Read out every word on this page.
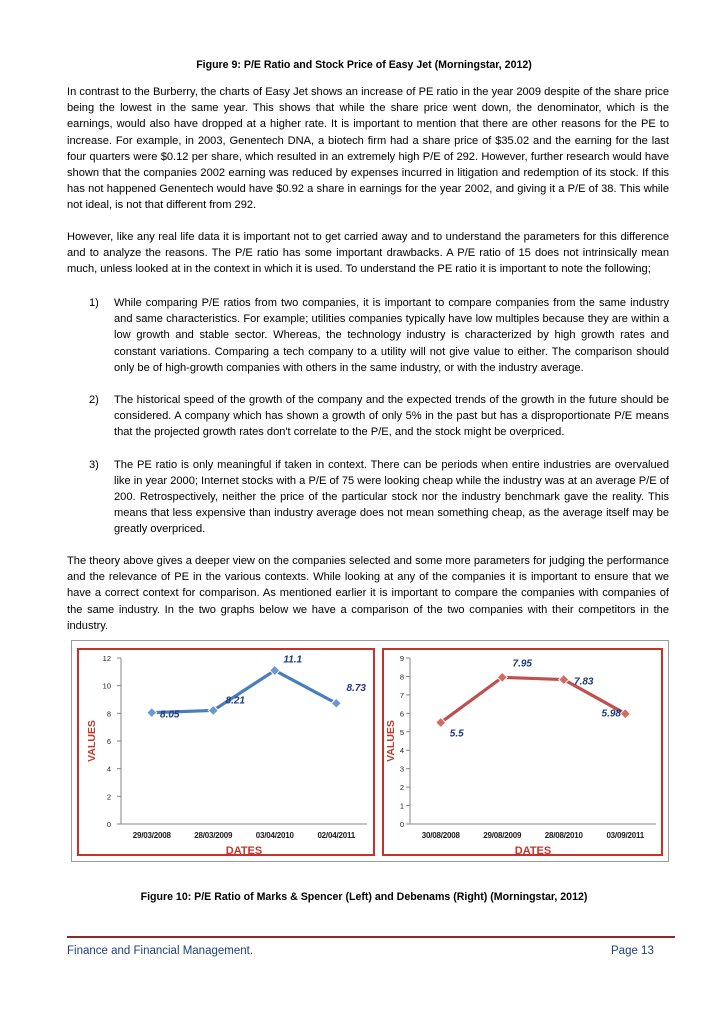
Figure 9: P/E Ratio and Stock Price of Easy Jet (Morningstar, 2012)

In contrast to the Burberry, the charts of Easy Jet shows an increase of PE ratio in the year 2009 despite of the share price being the lowest in the same year. This shows that while the share price went down, the denominator, which is the earnings, would also have dropped at a higher rate. It is important to mention that there are other reasons for the PE to increase. For example, in 2003, Genentech DNA, a biotech firm had a share price of $35.02 and the earning for the last four quarters were $0.12 per share, which resulted in an extremely high P/E of 292. However, further research would have shown that the companies 2002 earning was reduced by expenses incurred in litigation and redemption of its stock. If this has not happened Genentech would have $0.92 a share in earnings for the year 2002, and giving it a P/E of 38. This while not ideal, is not that different from 292.

However, like any real life data it is important not to get carried away and to understand the parameters for this difference and to analyze the reasons. The P/E ratio has some important drawbacks. A P/E ratio of 15 does not intrinsically mean much, unless looked at in the context in which it is used. To understand the PE ratio it is important to note the following;

1) While comparing P/E ratios from two companies, it is important to compare companies from the same industry and same characteristics. For example; utilities companies typically have low multiples because they are within a low growth and stable sector. Whereas, the technology industry is characterized by high growth rates and constant variations. Comparing a tech company to a utility will not give value to either. The comparison should only be of high-growth companies with others in the same industry, or with the industry average.
2) The historical speed of the growth of the company and the expected trends of the growth in the future should be considered. A company which has shown a growth of only 5% in the past but has a disproportionate P/E means that the projected growth rates don't correlate to the P/E, and the stock might be overpriced.
3) The PE ratio is only meaningful if taken in context. There can be periods when entire industries are overvalued like in year 2000; Internet stocks with a P/E of 75 were looking cheap while the industry was at an average P/E of 200. Retrospectively, neither the price of the particular stock nor the industry benchmark gave the reality. This means that less expensive than industry average does not mean something cheap, as the average itself may be greatly overpriced.

The theory above gives a deeper view on the companies selected and some more parameters for judging the performance and the relevance of PE in the various contexts. While looking at any of the companies it is important to ensure that we have a correct context for comparison. As mentioned earlier it is important to compare the companies with companies of the same industry. In the two graphs below we have a comparison of the two companies with their competitors in the industry.

0
2
4
6
8
10
12
29/03/2008	28/03/2009	03/04/2010	02/04/2011
DATES
VALUES
8.05
8.21
11.1
8.73
0
1
2
3
4
5
6
7
8
9
30/08/2008	29/08/2009	28/08/2010	03/09/2011
DATES
VALUES	5.5
7.95
7.83
5.98

Figure 10: P/E Ratio of Marks & Spencer (Left) and Debenams (Right) (Morningstar, 2012)

Finance and Financial Management.	Page 13
